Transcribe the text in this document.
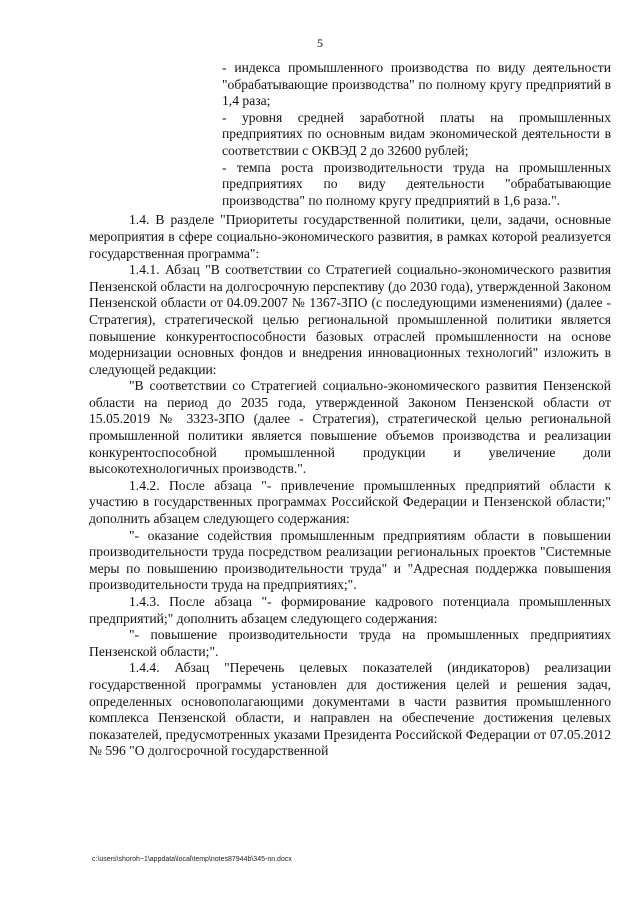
5

- индекса промышленного производства по виду деятельности "обрабатывающие производства" по полному кругу предприятий в 1,4 раза;

- уровня средней заработной платы на промышленных предприятиях по основным видам экономической деятельности в соответствии с ОКВЭД 2 до 32600 рублей;

- темпа роста производительности труда на промышленных предприятиях по виду деятельности "обрабатывающие производства" по полному кругу предприятий в 1,6 раза.".

1.4. В разделе "Приоритеты государственной политики, цели, задачи, основные мероприятия в сфере социально-экономического развития, в рамках которой реализуется государственная программа":

1.4.1. Абзац "В соответствии со Стратегией социально-экономического развития Пензенской области на долгосрочную перспективу (до 2030 года), утвержденной Законом Пензенской области от 04.09.2007 № 1367-ЗПО (с последующими изменениями) (далее - Стратегия), стратегической целью региональной промышленной политики является повышение конкурентоспособности базовых отраслей промышленности на основе модернизации основных фондов и внедрения инновационных технологий" изложить в следующей редакции:

"В соответствии со Стратегией социально-экономического развития Пензенской области на период до 2035 года, утвержденной Законом Пензенской области от 15.05.2019 № 3323-ЗПО (далее - Стратегия), стратегической целью региональной промышленной политики является повышение объемов производства и реализации конкурентоспособной промышленной продукции и увеличение доли высокотехнологичных производств.".

1.4.2. После абзаца "- привлечение промышленных предприятий области к участию в государственных программах Российской Федерации и Пензенской области;" дополнить абзацем следующего содержания:

"- оказание содействия промышленным предприятиям области в повышении производительности труда посредством реализации региональных проектов "Системные меры по повышению производительности труда" и "Адресная поддержка повышения производительности труда на предприятиях;".

1.4.3. После абзаца "- формирование кадрового потенциала промышленных предприятий;" дополнить абзацем следующего содержания:

"- повышение производительности труда на промышленных предприятиях Пензенской области;".

1.4.4. Абзац "Перечень целевых показателей (индикаторов) реализации государственной программы установлен для достижения целей и решения задач, определенных основополагающими документами в части развития промышленного комплекса Пензенской области, и направлен на обеспечение достижения целевых показателей, предусмотренных указами Президента Российской Федерации от 07.05.2012 № 596 "О долгосрочной государственной

c:\users\shoroh~1\appdata\local\temp\notes87944b\345-nn.docx
